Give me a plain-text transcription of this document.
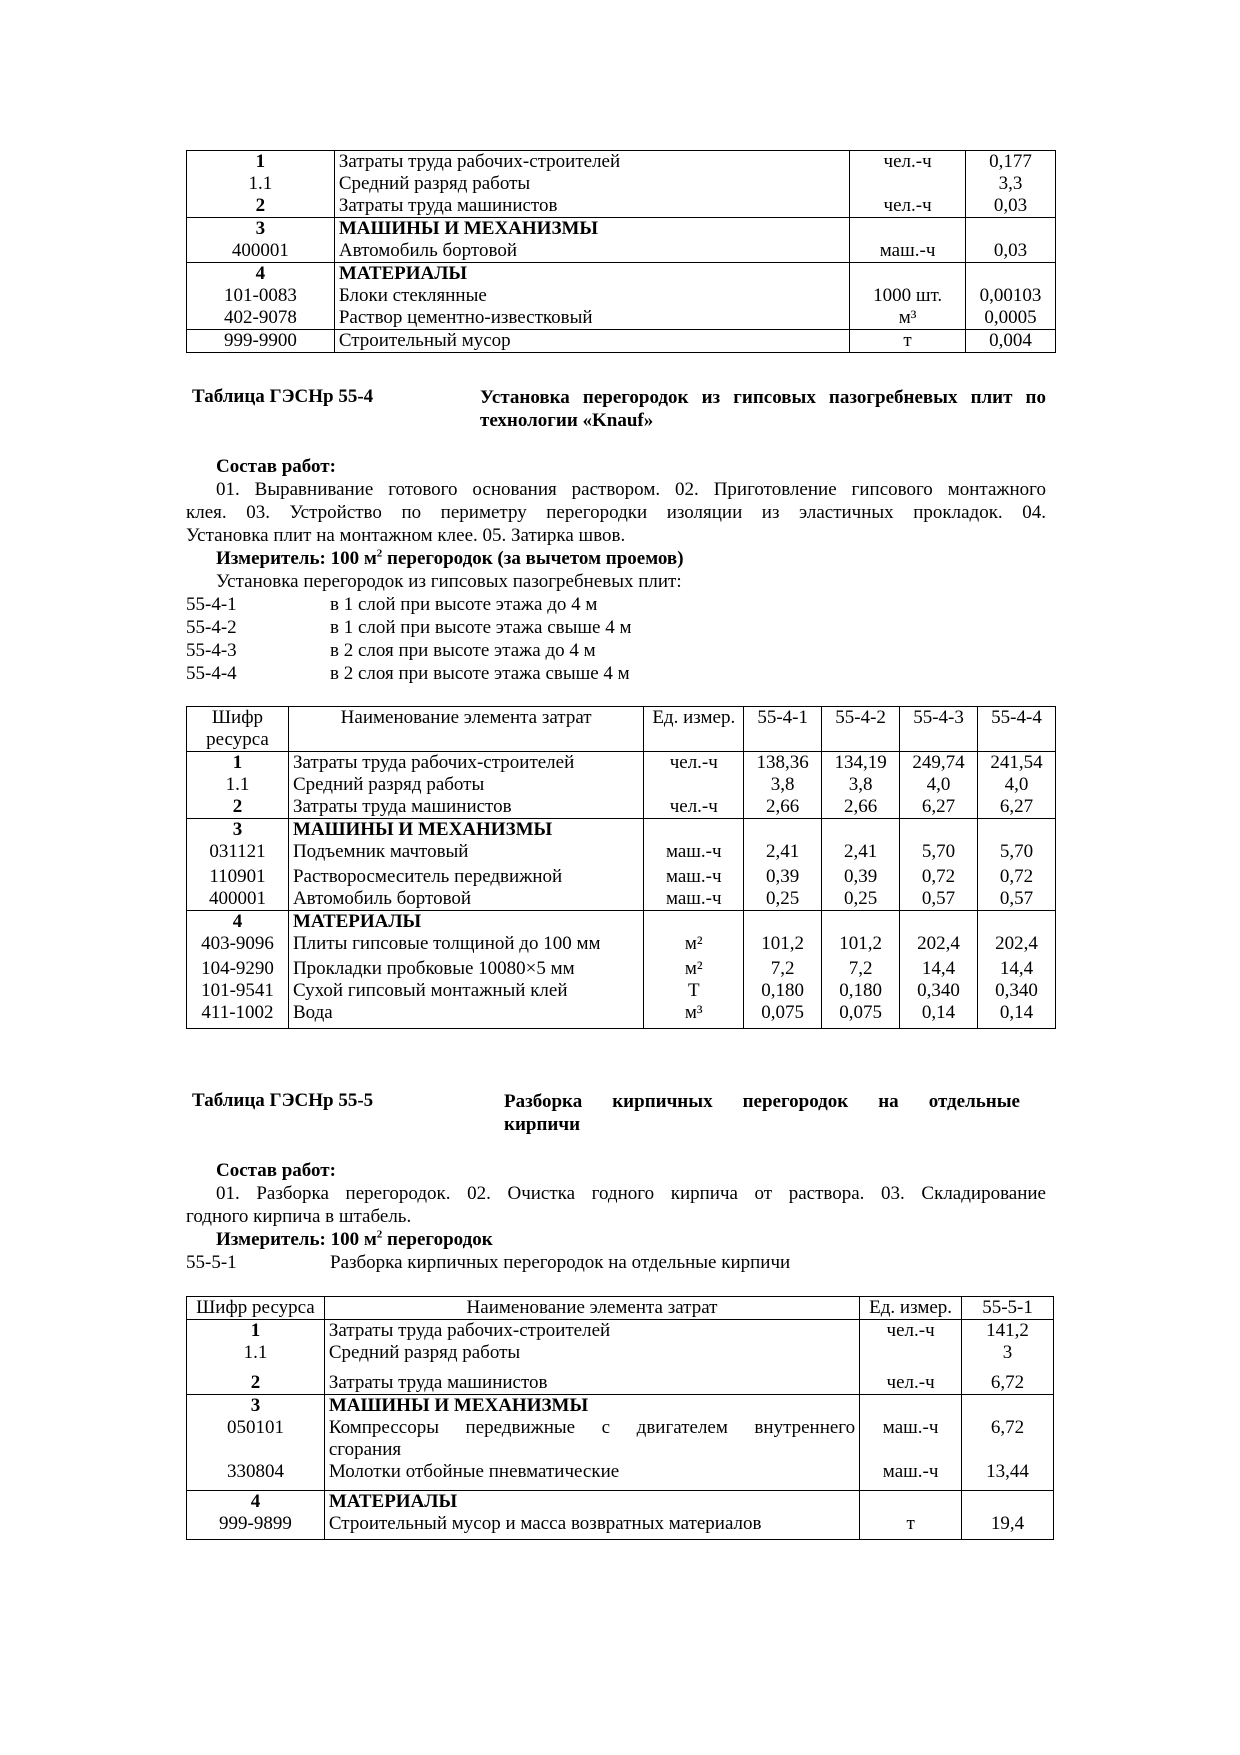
1	Затраты труда рабочих-строителей	чел.-ч	0,177
1.1	Средний разряд работы		3,3
2	Затраты труда машинистов	чел.-ч	0,03
3	МАШИНЫ И МЕХАНИЗМЫ		
400001	Автомобиль бортовой	маш.-ч	0,03
4	МАТЕРИАЛЫ		
101-0083	Блоки стеклянные	1000 шт.	0,00103
402-9078	Раствор цементно-известковый	м³	0,0005
999-9900	Строительный мусор	т	0,004
Таблица ГЭСНр 55-4	Установка перегородок из гипсовых пазогребневых плит по
технологии «Knauf»
Состав работ:
01. Выравнивание готового основания раствором. 02. Приготовление гипсового монтажного
клея. 03. Устройство по периметру перегородки изоляции из эластичных прокладок. 04.
Установка плит на монтажном клее. 05. Затирка швов.
Измеритель: 100 $м^2$ перегородок (за вычетом проемов)
Установка перегородок из гипсовых пазогребневых плит:
55-4-1	в 1 слой при высоте этажа до 4 м
55-4-2	в 1 слой при высоте этажа свыше 4 м
55-4-3	в 2 слоя при высоте этажа до 4 м
55-4-4	в 2 слоя при высоте этажа свыше 4 м
Шифр ресурса	Наименование элемента затрат	Ед. измер.	55-4-1	55-4-2	55-4-3	55-4-4
1	Затраты труда рабочих-строителей	чел.-ч	138,36	134,19	249,74	241,54
1.1	Средний разряд работы		3,8	3,8	4,0	4,0
2	Затраты труда машинистов	чел.-ч	2,66	2,66	6,27	6,27
3	МАШИНЫ И МЕХАНИЗМЫ					
031121	Подъемник мачтовый	маш.-ч	2,41	2,41	5,70	5,70
110901	Растворосмеситель передвижной	маш.-ч	0,39	0,39	0,72	0,72
400001	Автомобиль бортовой	маш.-ч	0,25	0,25	0,57	0,57
4	МАТЕРИАЛЫ					
403-9096	Плиты гипсовые толщиной до 100 мм	м²	101,2	101,2	202,4	202,4
104-9290	Прокладки пробковые 10080×5 мм	м²	7,2	7,2	14,4	14,4
101-9541	Сухой гипсовый монтажный клей	Т	0,180	0,180	0,340	0,340
411-1002	Вода	м³	0,075	0,075	0,14	0,14
Таблица ГЭСНр 55-5	Разборка кирпичных перегородок на отдельные
кирпичи
Состав работ:
01. Разборка перегородок. 02. Очистка годного кирпича от раствора. 03. Складирование
годного кирпича в штабель.
Измеритель: 100 $м^2$ перегородок
55-5-1	Разборка кирпичных перегородок на отдельные кирпичи
Шифр ресурса	Наименование элемента затрат	Ед. измер.	55-5-1
1	Затраты труда рабочих-строителей	чел.-ч	141,2
1.1	Средний разряд работы		3
2	Затраты труда машинистов	чел.-ч	6,72
3	МАШИНЫ И МЕХАНИЗМЫ		
050101	Компрессоры передвижные с двигателем внутреннего
сгорания	маш.-ч	6,72
330804	Молотки отбойные пневматические	маш.-ч	13,44

4	МАТЕРИАЛЫ		
999-9899	Строительный мусор и масса возвратных материалов	т	19,4
